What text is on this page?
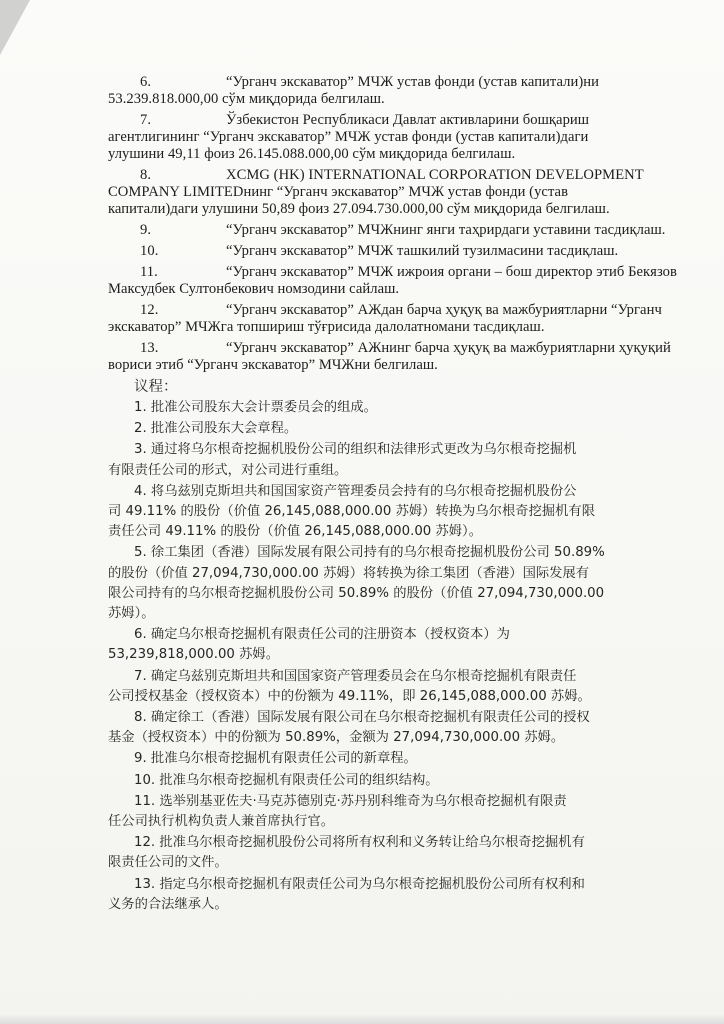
6.	“Урганч экскаватор” МЧЖ устав фонди (устав капитали)ни
53.239.818.000,00 сўм миқдорида белгилаш.
7.	Ўзбекистон Республикаси Давлат активларини бошқариш
агентлигининг “Урганч экскаватор” МЧЖ устав фонди (устав капитали)даги
улушини 49,11 фоиз 26.145.088.000,00 сўм миқдорида белгилаш.
8.	XCMG (HK) INTERNATIONAL CORPORATION DEVELOPMENT
COMPANY LIMITEDнинг “Урганч экскаватор” МЧЖ устав фонди (устав
капитали)даги улушини 50,89 фоиз 27.094.730.000,00 сўм миқдорида белгилаш.
9.	“Урганч экскаватор” МЧЖнинг янги таҳрирдаги уставини тасдиқлаш.
10.	“Урганч экскаватор” МЧЖ ташкилий тузилмасини тасдиқлаш.
11.	“Урганч экскаватор” МЧЖ ижроия органи – бош директор этиб Бекязов
Максудбек Султонбекович номзодини сайлаш.
12.	“Урганч экскаватор” АЖдан барча ҳуқуқ ва мажбуриятларни “Урганч
экскаватор” МЧЖга топшириш тўғрисида далолатномани тасдиқлаш.
13.	“Урганч экскаватор” АЖнинг барча ҳуқуқ ва мажбуриятларни ҳуқуқий
вориси этиб “Урганч экскаватор” МЧЖни белгилаш.
议程：
1. 批准公司股东大会计票委员会的组成。
2. 批准公司股东大会章程。
3. 通过将乌尔根奇挖掘机股份公司的组织和法律形式更改为乌尔根奇挖掘机
有限责任公司的形式，对公司进行重组。
4. 将乌兹别克斯坦共和国国家资产管理委员会持有的乌尔根奇挖掘机股份公
司 49.11% 的股份（价值 26,145,088,000.00 苏姆）转换为乌尔根奇挖掘机有限
责任公司 49.11% 的股份（价值 26,145,088,000.00 苏姆）。
5. 徐工集团（香港）国际发展有限公司持有的乌尔根奇挖掘机股份公司 50.89%
的股份（价值 27,094,730,000.00 苏姆）将转换为徐工集团（香港）国际发展有
限公司持有的乌尔根奇挖掘机股份公司 50.89% 的股份（价值 27,094,730,000.00
苏姆）。
6. 确定乌尔根奇挖掘机有限责任公司的注册资本（授权资本）为
53,239,818,000.00 苏姆。
7. 确定乌兹别克斯坦共和国国家资产管理委员会在乌尔根奇挖掘机有限责任
公司授权基金（授权资本）中的份额为 49.11%，即 26,145,088,000.00 苏姆。
8. 确定徐工（香港）国际发展有限公司在乌尔根奇挖掘机有限责任公司的授权
基金（授权资本）中的份额为 50.89%，金额为 27,094,730,000.00 苏姆。
9. 批准乌尔根奇挖掘机有限责任公司的新章程。
10. 批准乌尔根奇挖掘机有限责任公司的组织结构。
11. 选举别基亚佐夫·马克苏德别克·苏丹别科维奇为乌尔根奇挖掘机有限责
任公司执行机构负责人兼首席执行官。
12. 批准乌尔根奇挖掘机股份公司将所有权利和义务转让给乌尔根奇挖掘机有
限责任公司的文件。
13. 指定乌尔根奇挖掘机有限责任公司为乌尔根奇挖掘机股份公司所有权利和
义务的合法继承人。
